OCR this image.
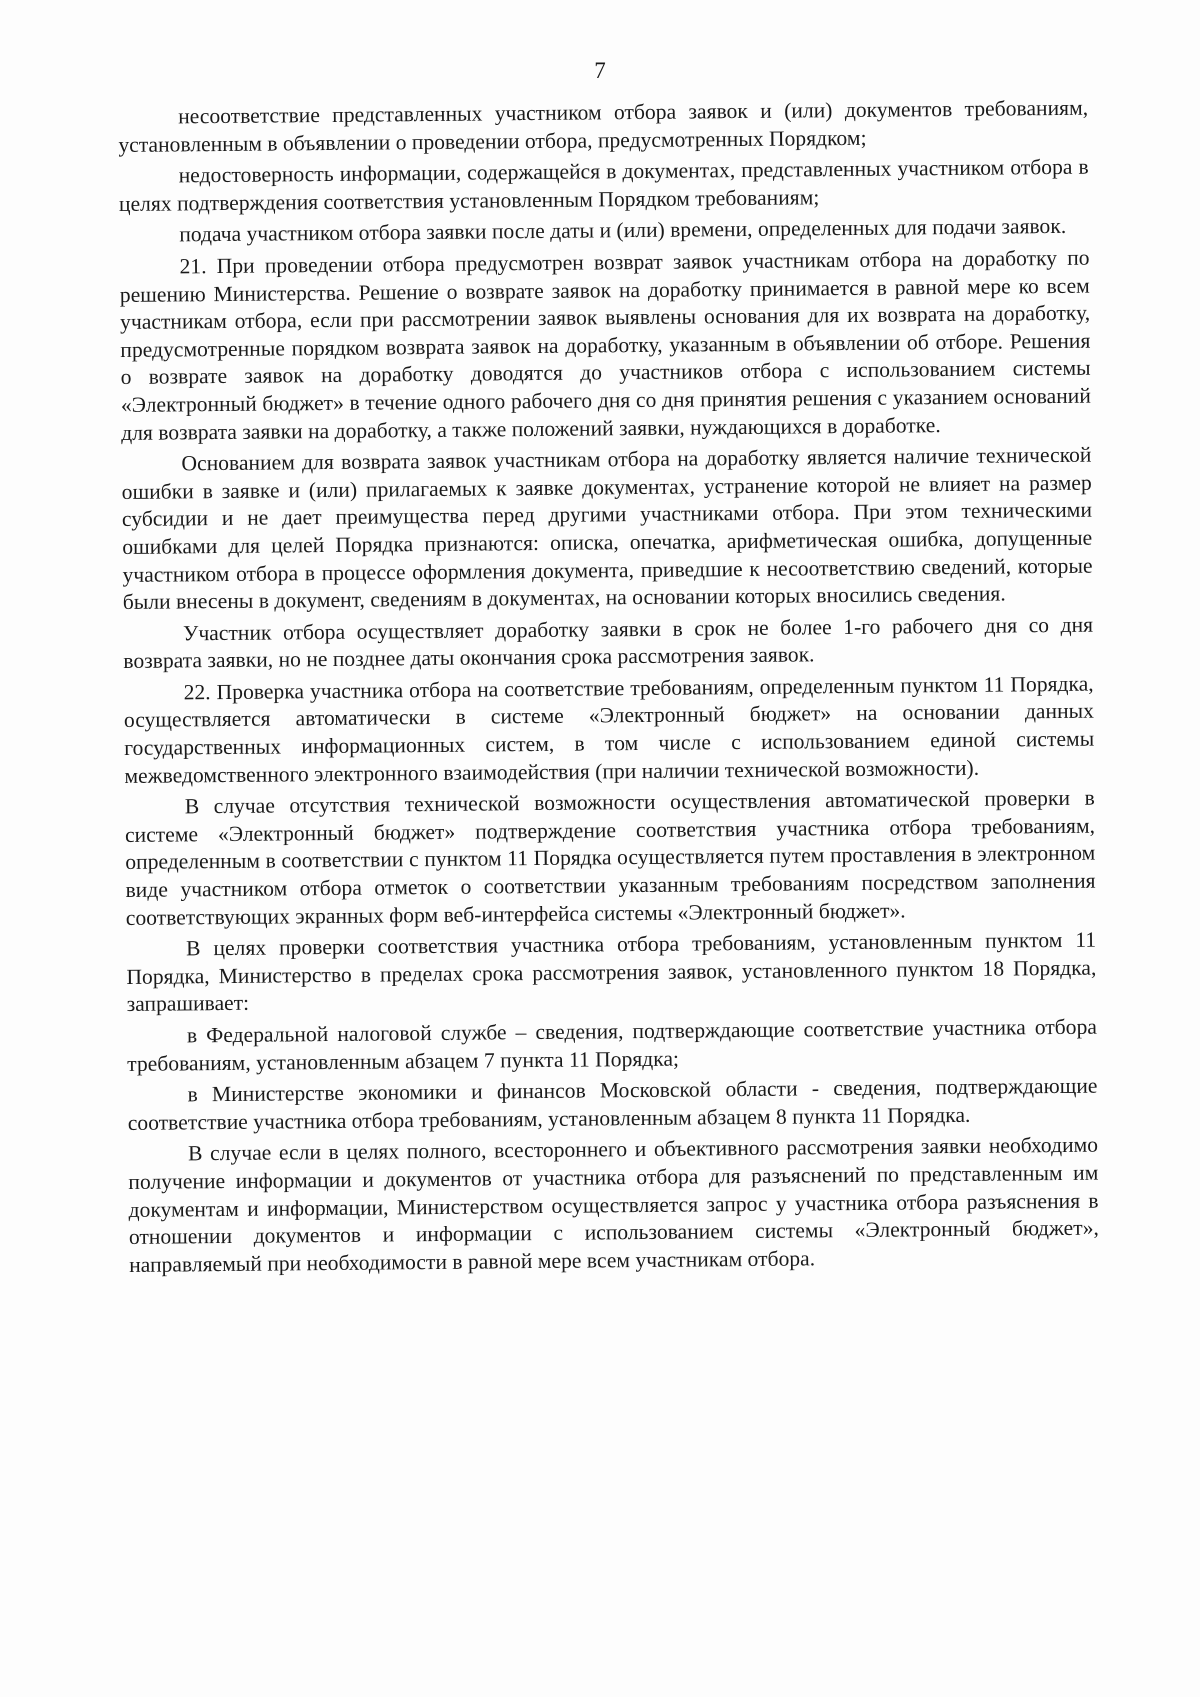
7

несоответствие представленных участником отбора заявок и (или) документов требованиям, установленным в объявлении о проведении отбора, предусмотренных Порядком;

недостоверность информации, содержащейся в документах, представленных участником отбора в целях подтверждения соответствия установленным Порядком требованиям;

подача участником отбора заявки после даты и (или) времени, определенных для подачи заявок.

21. При проведении отбора предусмотрен возврат заявок участникам отбора на доработку по решению Министерства. Решение о возврате заявок на доработку принимается в равной мере ко всем участникам отбора, если при рассмотрении заявок выявлены основания для их возврата на доработку, предусмотренные порядком возврата заявок на доработку, указанным в объявлении об отборе. Решения о возврате заявок на доработку доводятся до участников отбора с использованием системы «Электронный бюджет» в течение одного рабочего дня со дня принятия решения с указанием оснований для возврата заявки на доработку, а также положений заявки, нуждающихся в доработке.

Основанием для возврата заявок участникам отбора на доработку является наличие технической ошибки в заявке и (или) прилагаемых к заявке документах, устранение которой не влияет на размер субсидии и не дает преимущества перед другими участниками отбора. При этом техническими ошибками для целей Порядка признаются: описка, опечатка, арифметическая ошибка, допущенные участником отбора в процессе оформления документа, приведшие к несоответствию сведений, которые были внесены в документ, сведениям в документах, на основании которых вносились сведения.

Участник отбора осуществляет доработку заявки в срок не более 1-го рабочего дня со дня возврата заявки, но не позднее даты окончания срока рассмотрения заявок.

22. Проверка участника отбора на соответствие требованиям, определенным пунктом 11 Порядка, осуществляется автоматически в системе «Электронный бюджет» на основании данных государственных информационных систем, в том числе с использованием единой системы межведомственного электронного взаимодействия (при наличии технической возможности).

В случае отсутствия технической возможности осуществления автоматической проверки в системе «Электронный бюджет» подтверждение соответствия участника отбора требованиям, определенным в соответствии с пунктом 11 Порядка осуществляется путем проставления в электронном виде участником отбора отметок о соответствии указанным требованиям посредством заполнения соответствующих экранных форм веб-интерфейса системы «Электронный бюджет».

В целях проверки соответствия участника отбора требованиям, установленным пунктом 11 Порядка, Министерство в пределах срока рассмотрения заявок, установленного пунктом 18 Порядка, запрашивает:

в Федеральной налоговой службе – сведения, подтверждающие соответствие участника отбора требованиям, установленным абзацем 7 пункта 11 Порядка;

в Министерстве экономики и финансов Московской области - сведения, подтверждающие соответствие участника отбора требованиям, установленным абзацем 8 пункта 11 Порядка.

В случае если в целях полного, всестороннего и объективного рассмотрения заявки необходимо получение информации и документов от участника отбора для разъяснений по представленным им документам и информации, Министерством осуществляется запрос у участника отбора разъяснения в отношении документов и информации с использованием системы «Электронный бюджет», направляемый при необходимости в равной мере всем участникам отбора.
